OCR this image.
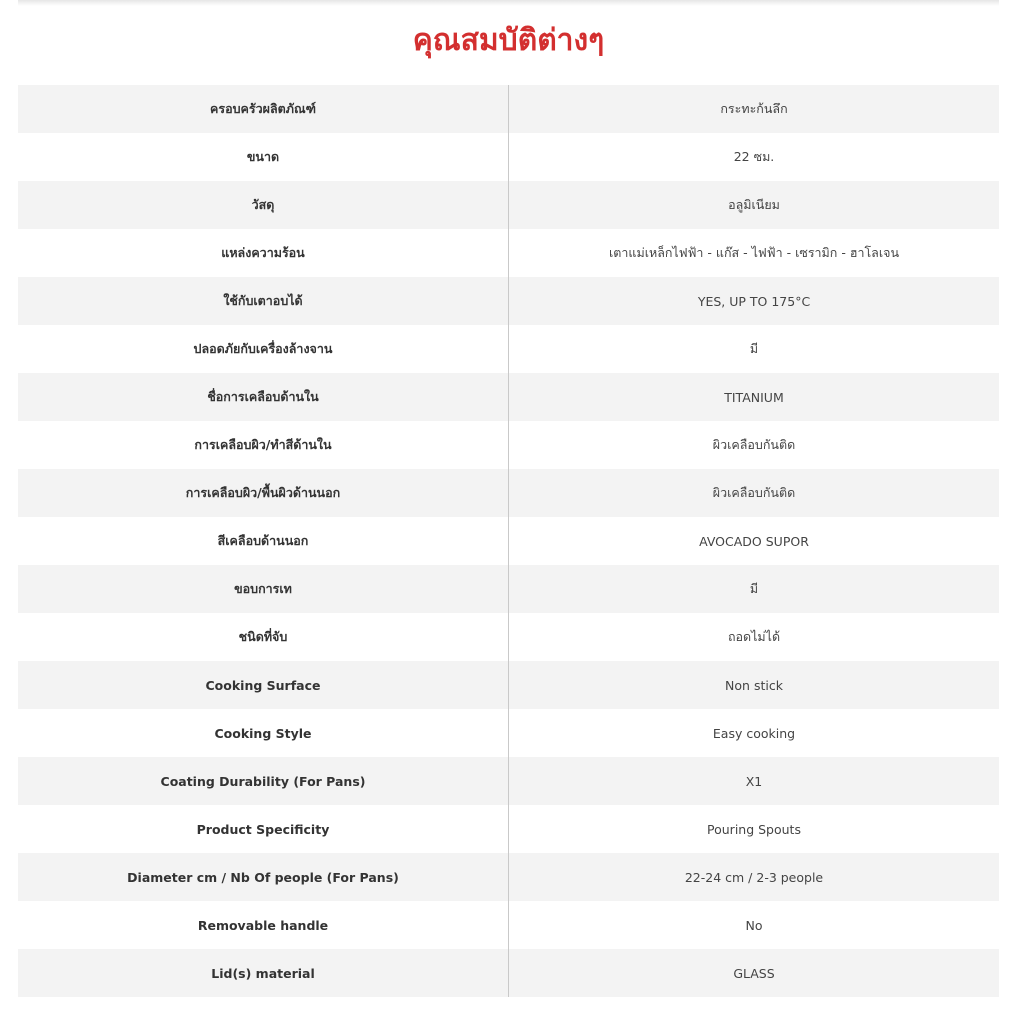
คุณสมบัติต่างๆ
ครอบครัวผลิตภัณฑ์	กระทะก้นลึก
ขนาด	22 ซม.
วัสดุ	อลูมิเนียม
แหล่งความร้อน	เตาแม่เหล็กไฟฟ้า - แก๊ส - ไฟฟ้า - เซรามิก - ฮาโลเจน
ใช้กับเตาอบได้	YES, UP TO 175°C
ปลอดภัยกับเครื่องล้างจาน	มี
ชื่อการเคลือบด้านใน	TITANIUM
การเคลือบผิว/ทำสีด้านใน	ผิวเคลือบกันติด
การเคลือบผิว/พื้นผิวด้านนอก	ผิวเคลือบกันติด
สีเคลือบด้านนอก	AVOCADO SUPOR
ขอบการเท	มี
ชนิดที่จับ	ถอดไม่ได้
Cooking Surface	Non stick
Cooking Style	Easy cooking
Coating Durability (For Pans)	X1
Product Specificity	Pouring Spouts
Diameter cm / Nb Of people (For Pans)	22-24 cm / 2-3 people
Removable handle	No
Lid(s) material	GLASS
